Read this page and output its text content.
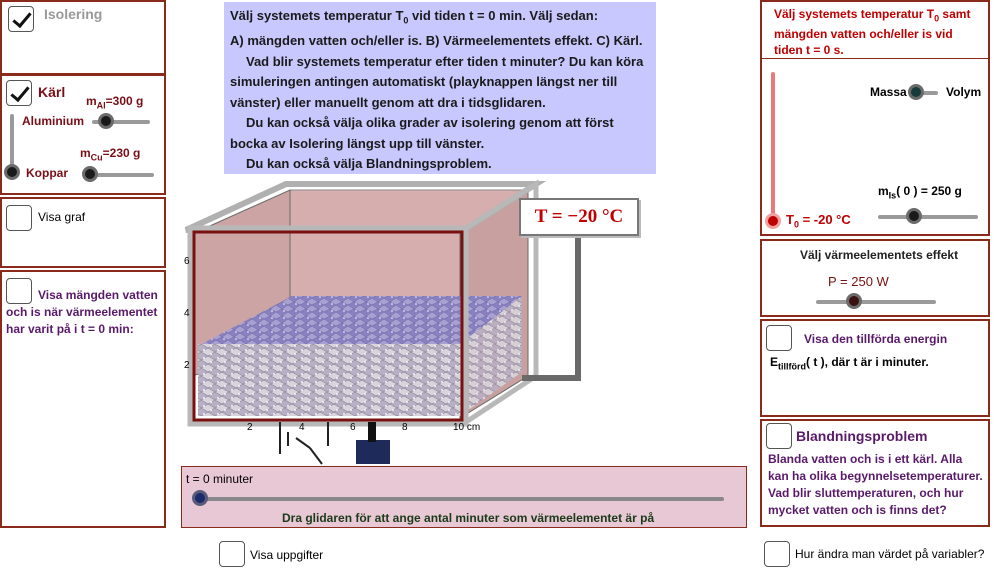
Isolering
Kärl
$m_{Al}=300$ g
Aluminium
$m_{Cu}=230$ g
Koppar
Visa graf
Visa mängden vatten och is när värmeelementet har varit på i t = 0 min:

Välj systemets temperatur $T_0$ vid tiden t = 0 min. Välj sedan:

A) mängden vatten och/eller is. B) Värmeelementets effekt. C) Kärl.

Vad blir systemets temperatur efter tiden t minuter? Du kan köra simuleringen antingen automatiskt (playknappen längst ner till vänster) eller manuellt genom att dra i tidsglidaren.

Du kan också välja olika grader av isolering genom att först bocka av Isolering längst upp till vänster.

Du kan också välja Blandningsproblem.

6
4
2
2	4	6	8	10 cm
T = −20 °C
t = 0 minuter
Dra glidaren för att ange antal minuter som värmeelementet är på
Visa uppgifter	Hur ändra man värdet på variabler?
Välj systemets temperatur $T_0$ samt mängden vatten och/eller is vid tiden t = 0 s.
Massa	Volym
$m_{Is}$( 0 ) = 250 g
$T_0 = -20$ °C
Välj värmeelementets effekt
P = 250 W
Visa den tillförda energin
$E_{tillförd}$( t ), där t är i minuter.
Blandningsproblem
Blanda vatten och is i ett kärl. Alla kan ha olika begynnelsetemperaturer. Vad blir sluttemperaturen, och hur mycket vatten och is finns det?
